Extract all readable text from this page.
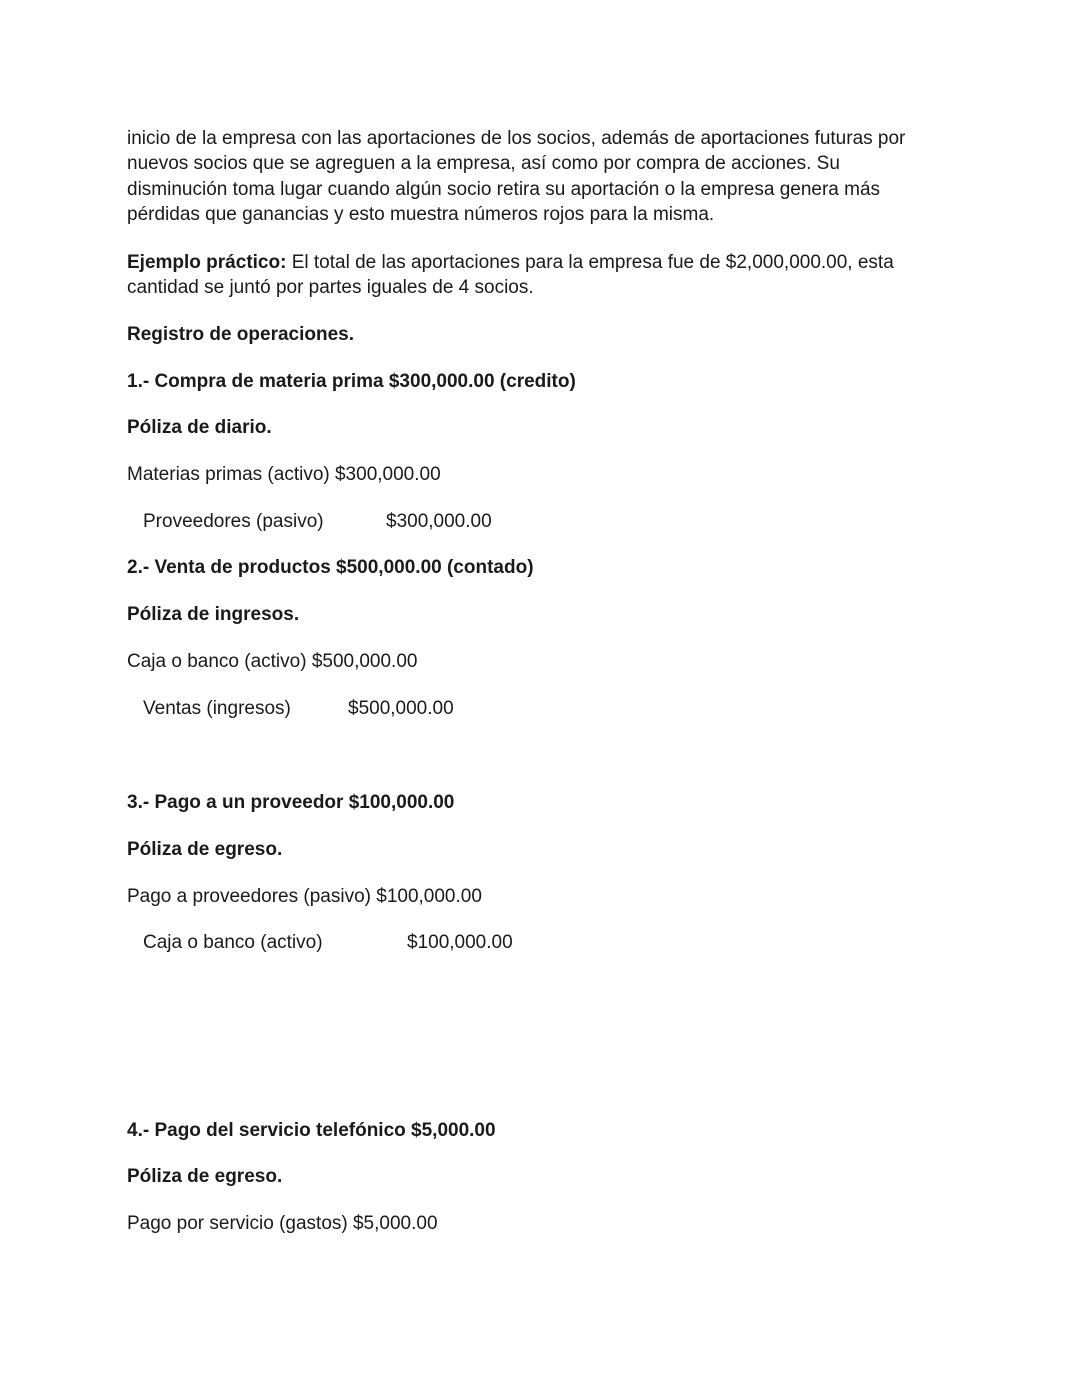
inicio de la empresa con las aportaciones de los socios, además de aportaciones futuras por
nuevos socios que se agreguen a la empresa, así como por compra de acciones. Su
disminución toma lugar cuando algún socio retira su aportación o la empresa genera más
pérdidas que ganancias y esto muestra números rojos para la misma.
Ejemplo práctico: El total de las aportaciones para la empresa fue de $2,000,000.00, esta
cantidad se juntó por partes iguales de 4 socios.
Registro de operaciones.
1.- Compra de materia prima $300,000.00 (credito)
Póliza de diario.
Materias primas (activo) $300,000.00
Proveedores (pasivo)	$300,000.00
2.- Venta de productos $500,000.00 (contado)
Póliza de ingresos.
Caja o banco (activo) $500,000.00
Ventas (ingresos)	$500,000.00
3.- Pago a un proveedor $100,000.00
Póliza de egreso.
Pago a proveedores (pasivo) $100,000.00
Caja o banco (activo)	$100,000.00
4.- Pago del servicio telefónico $5,000.00
Póliza de egreso.
Pago por servicio (gastos) $5,000.00
